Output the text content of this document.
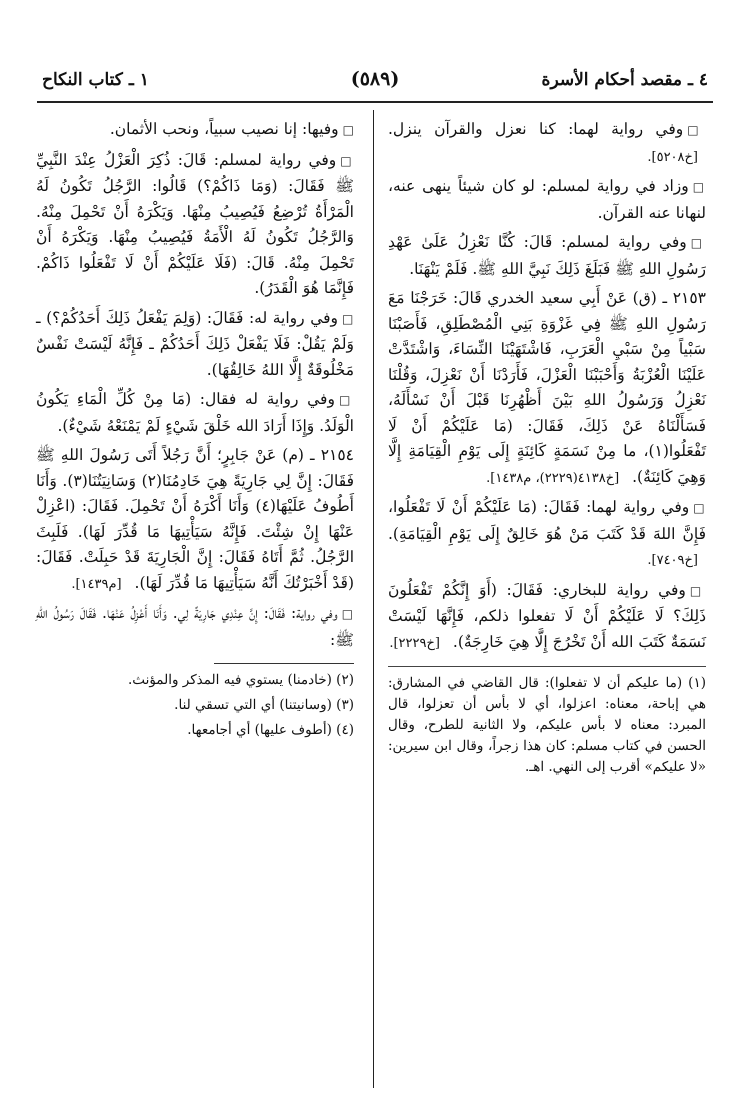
٤ ـ مقصد أحكام الأسرة
(٥٨٩)
١ ـ كتاب النكاح

□وفي رواية لهما: كنا نعزل والقرآن ينزل. [خ٥٢٠٨].

□وزاد في رواية لمسلم: لو كان شيئاً ينهى عنه، لنهانا عنه القرآن.

□وفي رواية لمسلم: قَالَ: كُنَّا نَعْزِلُ عَلَىٰ عَهْدِ رَسُولِ اللهِ ﷺ فَبَلَغَ ذَلِكَ نَبِيَّ اللهِ ﷺ. فَلَمْ يَنْهَنَا.

٢١٥٣ ـ (ق) عَنْ أَبِي سعيد الخدري قَالَ: خَرَجْنَا مَعَ رَسُولِ اللهِ ﷺ فِي غَزْوَةِ بَنِي الْمُصْطَلِقِ، فَأَصَبْنَا سَبْياً مِنْ سَبْيِ الْعَرَبِ، فَاشْتَهَيْنَا النِّسَاءَ، وَاشْتَدَّتْ عَلَيْنَا الْعُزْبَةُ وَأَحْبَبْنَا الْعَزْلَ، فَأَرَدْنَا أَنْ نَعْزِلَ، وَقُلْنَا نَعْزِلُ وَرَسُولُ اللهِ بَيْنَ أَظْهُرِنَا قَبْلَ أَنْ نَسْأَلَهُ، فَسَأَلْنَاهُ عَنْ ذَلِكَ، فَقَالَ: (مَا عَلَيْكُمْ أَنْ لَا تَفْعَلُوا(١)، ما مِنْ نَسَمَةٍ كَائِنَةٍ إِلَى يَوْمِ الْقِيَامَةِ إِلَّا وَهِيَ كَائِنَةٌ). [خ٤١٣٨(٢٢٢٩)، م١٤٣٨].

□وفي رواية لهما: فَقَالَ: (مَا عَلَيْكُمْ أَنْ لَا تَفْعَلُوا، فَإِنَّ اللهَ قَدْ كَتَبَ مَنْ هُوَ خَالِقٌ إِلَى يَوْمِ الْقِيَامَةِ). [خ٧٤٠٩].

□وفي رواية للبخاري: فَقَالَ: (أَوَ إِنَّكُمْ تَفْعَلُونَ ذَلِكَ؟ لَا عَلَيْكُمْ أَنْ لَا تفعلوا ذلكم، فَإِنَّهَا لَيْسَتْ نَسَمَةٌ كَتَبَ الله أَنْ تَخْرُجَ إِلَّا هِيَ خَارِجَةٌ). [خ٢٢٢٩].

(١) (ما عليكم أن لا تفعلوا): قال القاضي في المشارق: هي إباحة، معناه: اعزلوا، أي لا بأس أن تعزلوا، قال المبرد: معناه لا بأس عليكم، ولا الثانية للطرح، وقال الحسن في كتاب مسلم: كان هذا زجراً، وقال ابن سيرين: «لا عليكم» أقرب إلى النهي. اهـ.

□وفيها: إنا نصيب سبياً، ونحب الأثمان.

□وفي رواية لمسلم: قَالَ: ذُكِرَ الْعَزْلُ عِنْدَ النَّبِيِّ ﷺ فَقَالَ: (وَمَا ذَاكُمْ؟) قَالُوا: الرَّجُلُ تَكُونُ لَهُ الْمَرْأَةُ تُرْضِعُ فَيُصِيبُ مِنْهَا. وَيَكْرَهُ أَنْ تَحْمِلَ مِنْهُ. وَالرَّجُلُ تَكُونُ لَهُ الْأَمَةُ فَيُصِيبُ مِنْهَا. وَيَكْرَهُ أَنْ تَحْمِلَ مِنْهُ. قَالَ: (فَلَا عَلَيْكُمْ أَنْ لَا تَفْعَلُوا ذَاكُمْ. فَإِنَّمَا هُوَ الْقَدَرُ).

□وفي رواية له: فَقَالَ: (وَلِمَ يَفْعَلُ ذَلِكَ أَحَدُكُمْ؟) ـ وَلَمْ يَقُلْ: فَلَا يَفْعَلْ ذَلِكَ أَحَدُكُمْ ـ فَإِنَّهُ لَيْسَتْ نَفْسٌ مَخْلُوقَةٌ إِلَّا اللهُ خَالِقُهَا).

□وفي رواية له فقال: (مَا مِنْ كُلِّ الْمَاءِ يَكُونُ الْوَلَدُ. وَإِذَا أَرَادَ الله خَلْقَ شَيْءٍ لَمْ يَمْنَعْهُ شَيْءٌ).

٢١٥٤ ـ (م) عَنْ جَابِرٍ؛ أَنَّ رَجُلاً أَتَى رَسُولَ اللهِ ﷺ فَقَالَ: إِنَّ لِي جَارِيَةً هِيَ خَادِمُنَا(٢) وَسَانِيَتُنَا(٣). وَأَنَا أَطُوفُ عَلَيْهَا(٤) وَأَنَا أَكْرَهُ أَنْ تَحْمِلَ. فَقَالَ: (اعْزِلْ عَنْهَا إِنْ شِئْتَ. فَإِنَّهُ سَيَأْتِيهَا مَا قُدِّرَ لَهَا). فَلَبِثَ الرَّجُلُ. ثُمَّ أَتَاهُ فَقَالَ: إِنَّ الْجَارِيَةَ قَدْ حَبِلَتْ. فَقَالَ: (قَدْ أَخْبَرْتُكَ أَنَّهُ سَيَأْتِيهَا مَا قُدِّرَ لَهَا). [م١٤٣٩].

□وفي رواية: فَقَالَ: إِنَّ عِنْدِي جَارِيَةً لِي. وَأَنَا أَعْزِلُ عَنْهَا. فَقَالَ رَسُولُ اللهِ ﷺ:

(٢) (خادمنا) يستوي فيه المذكر والمؤنث.

(٣) (وسانيتنا) أي التي تسقي لنا.

(٤) (أطوف عليها) أي أجامعها.
